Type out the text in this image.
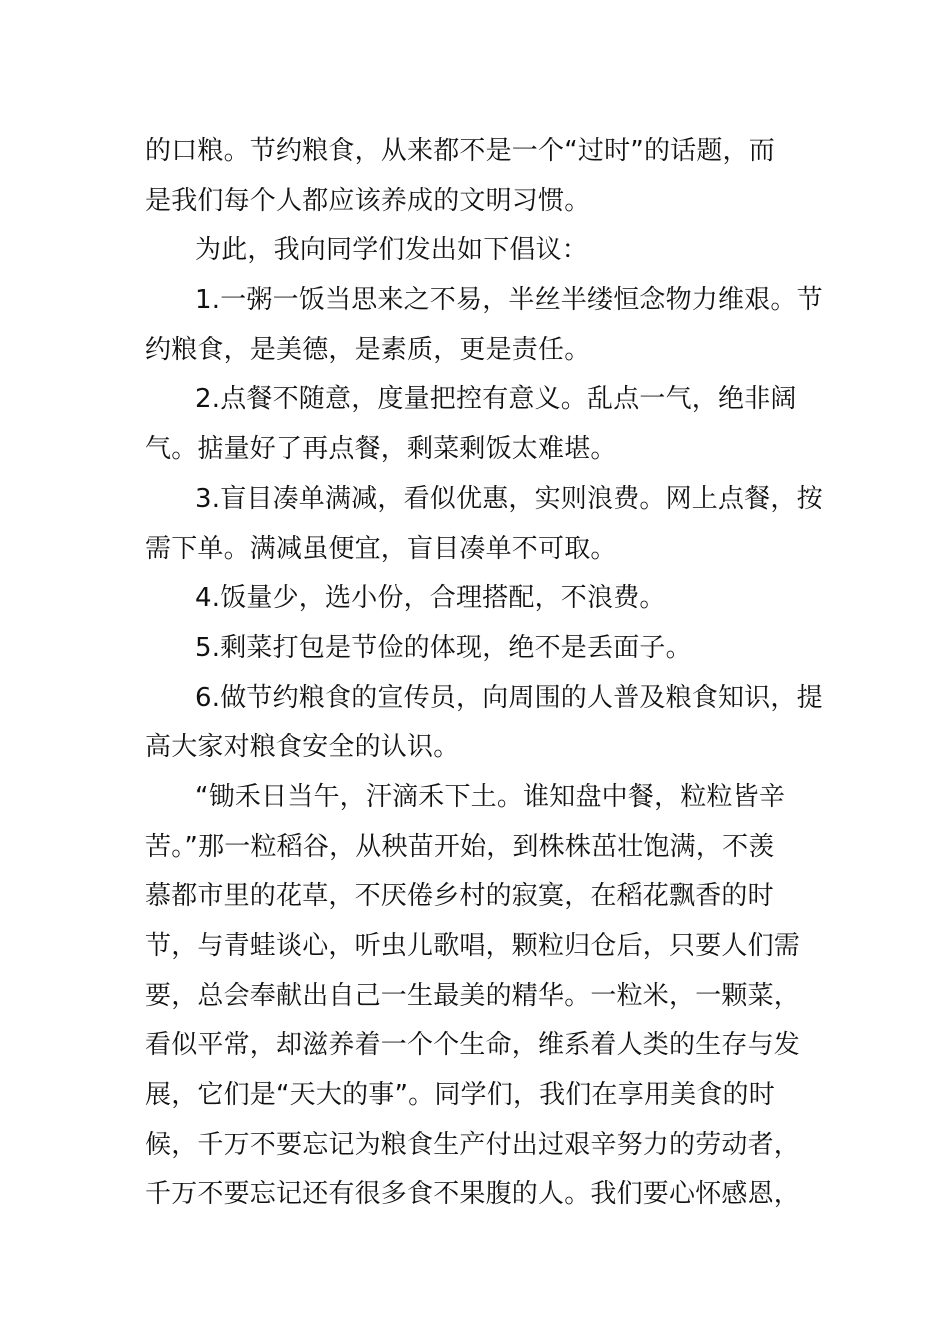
的口粮。节约粮食，从来都不是一个“过时”的话题，而
是我们每个人都应该养成的文明习惯。
为此，我向同学们发出如下倡议：
1.一粥一饭当思来之不易，半丝半缕恒念物力维艰。节
约粮食，是美德，是素质，更是责任。
2.点餐不随意，度量把控有意义。乱点一气，绝非阔
气。掂量好了再点餐，剩菜剩饭太难堪。
3.盲目凑单满减，看似优惠，实则浪费。网上点餐，按
需下单。满减虽便宜，盲目凑单不可取。
4.饭量少，选小份，合理搭配，不浪费。
5.剩菜打包是节俭的体现，绝不是丢面子。
6.做节约粮食的宣传员，向周围的人普及粮食知识，提
高大家对粮食安全的认识。
“锄禾日当午，汗滴禾下土。谁知盘中餐，粒粒皆辛
苦。”那一粒稻谷，从秧苗开始，到株株茁壮饱满，不羡
慕都市里的花草，不厌倦乡村的寂寞，在稻花飘香的时
节，与青蛙谈心，听虫儿歌唱，颗粒归仓后，只要人们需
要，总会奉献出自己一生最美的精华。一粒米，一颗菜，
看似平常，却滋养着一个个生命，维系着人类的生存与发
展，它们是“天大的事”。同学们，我们在享用美食的时
候，千万不要忘记为粮食生产付出过艰辛努力的劳动者，
千万不要忘记还有很多食不果腹的人。我们要心怀感恩，
